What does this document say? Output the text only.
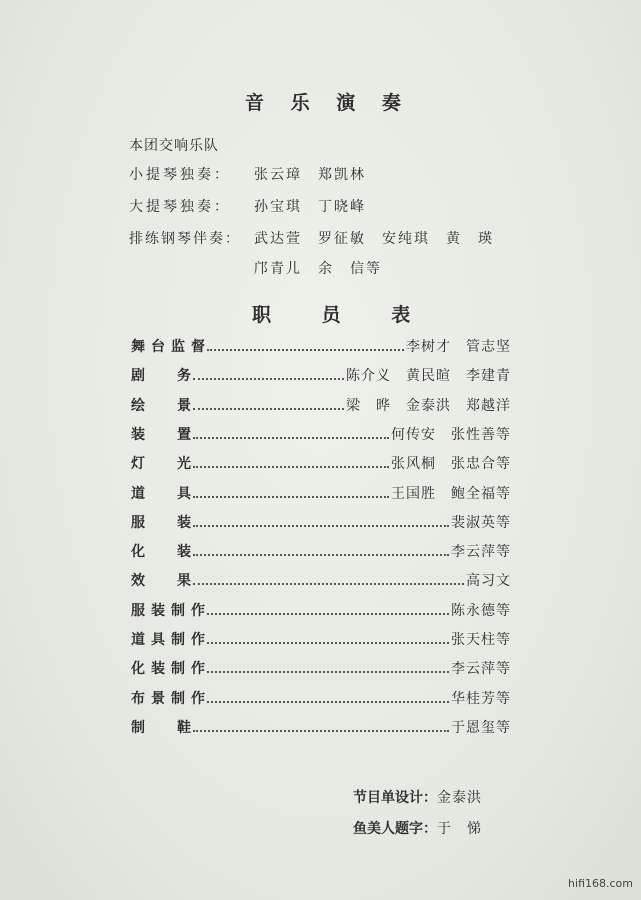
音 乐 演 奏
本团交响乐队
小提琴独奏： 张云璋　郑凯林
大提琴独奏： 孙宝琪　丁晓峰
排练钢琴伴奏： 武达萱　罗征敏　安纯琪　黄　瑛
邝青儿　余　信等
职 员 表
舞 台 监 督	李树才　管志坚
剧 务	陈介义　黄民暄　李建青
绘 景	梁　晔　金泰洪　郑越洋
装 置	何传安　张性善等
灯 光	张风桐　张忠合等
道 具	王国胜　鲍全福等
服 装	裴淑英等
化 装	李云萍等
效 果	高习文
服 装 制 作	陈永德等
道 具 制 作	张天柱等
化 装 制 作	李云萍等
布 景 制 作	华桂芳等
制 鞋	于恩玺等
节目单设计：金泰洪
鱼美人题字：于　悌
hifi168.com
